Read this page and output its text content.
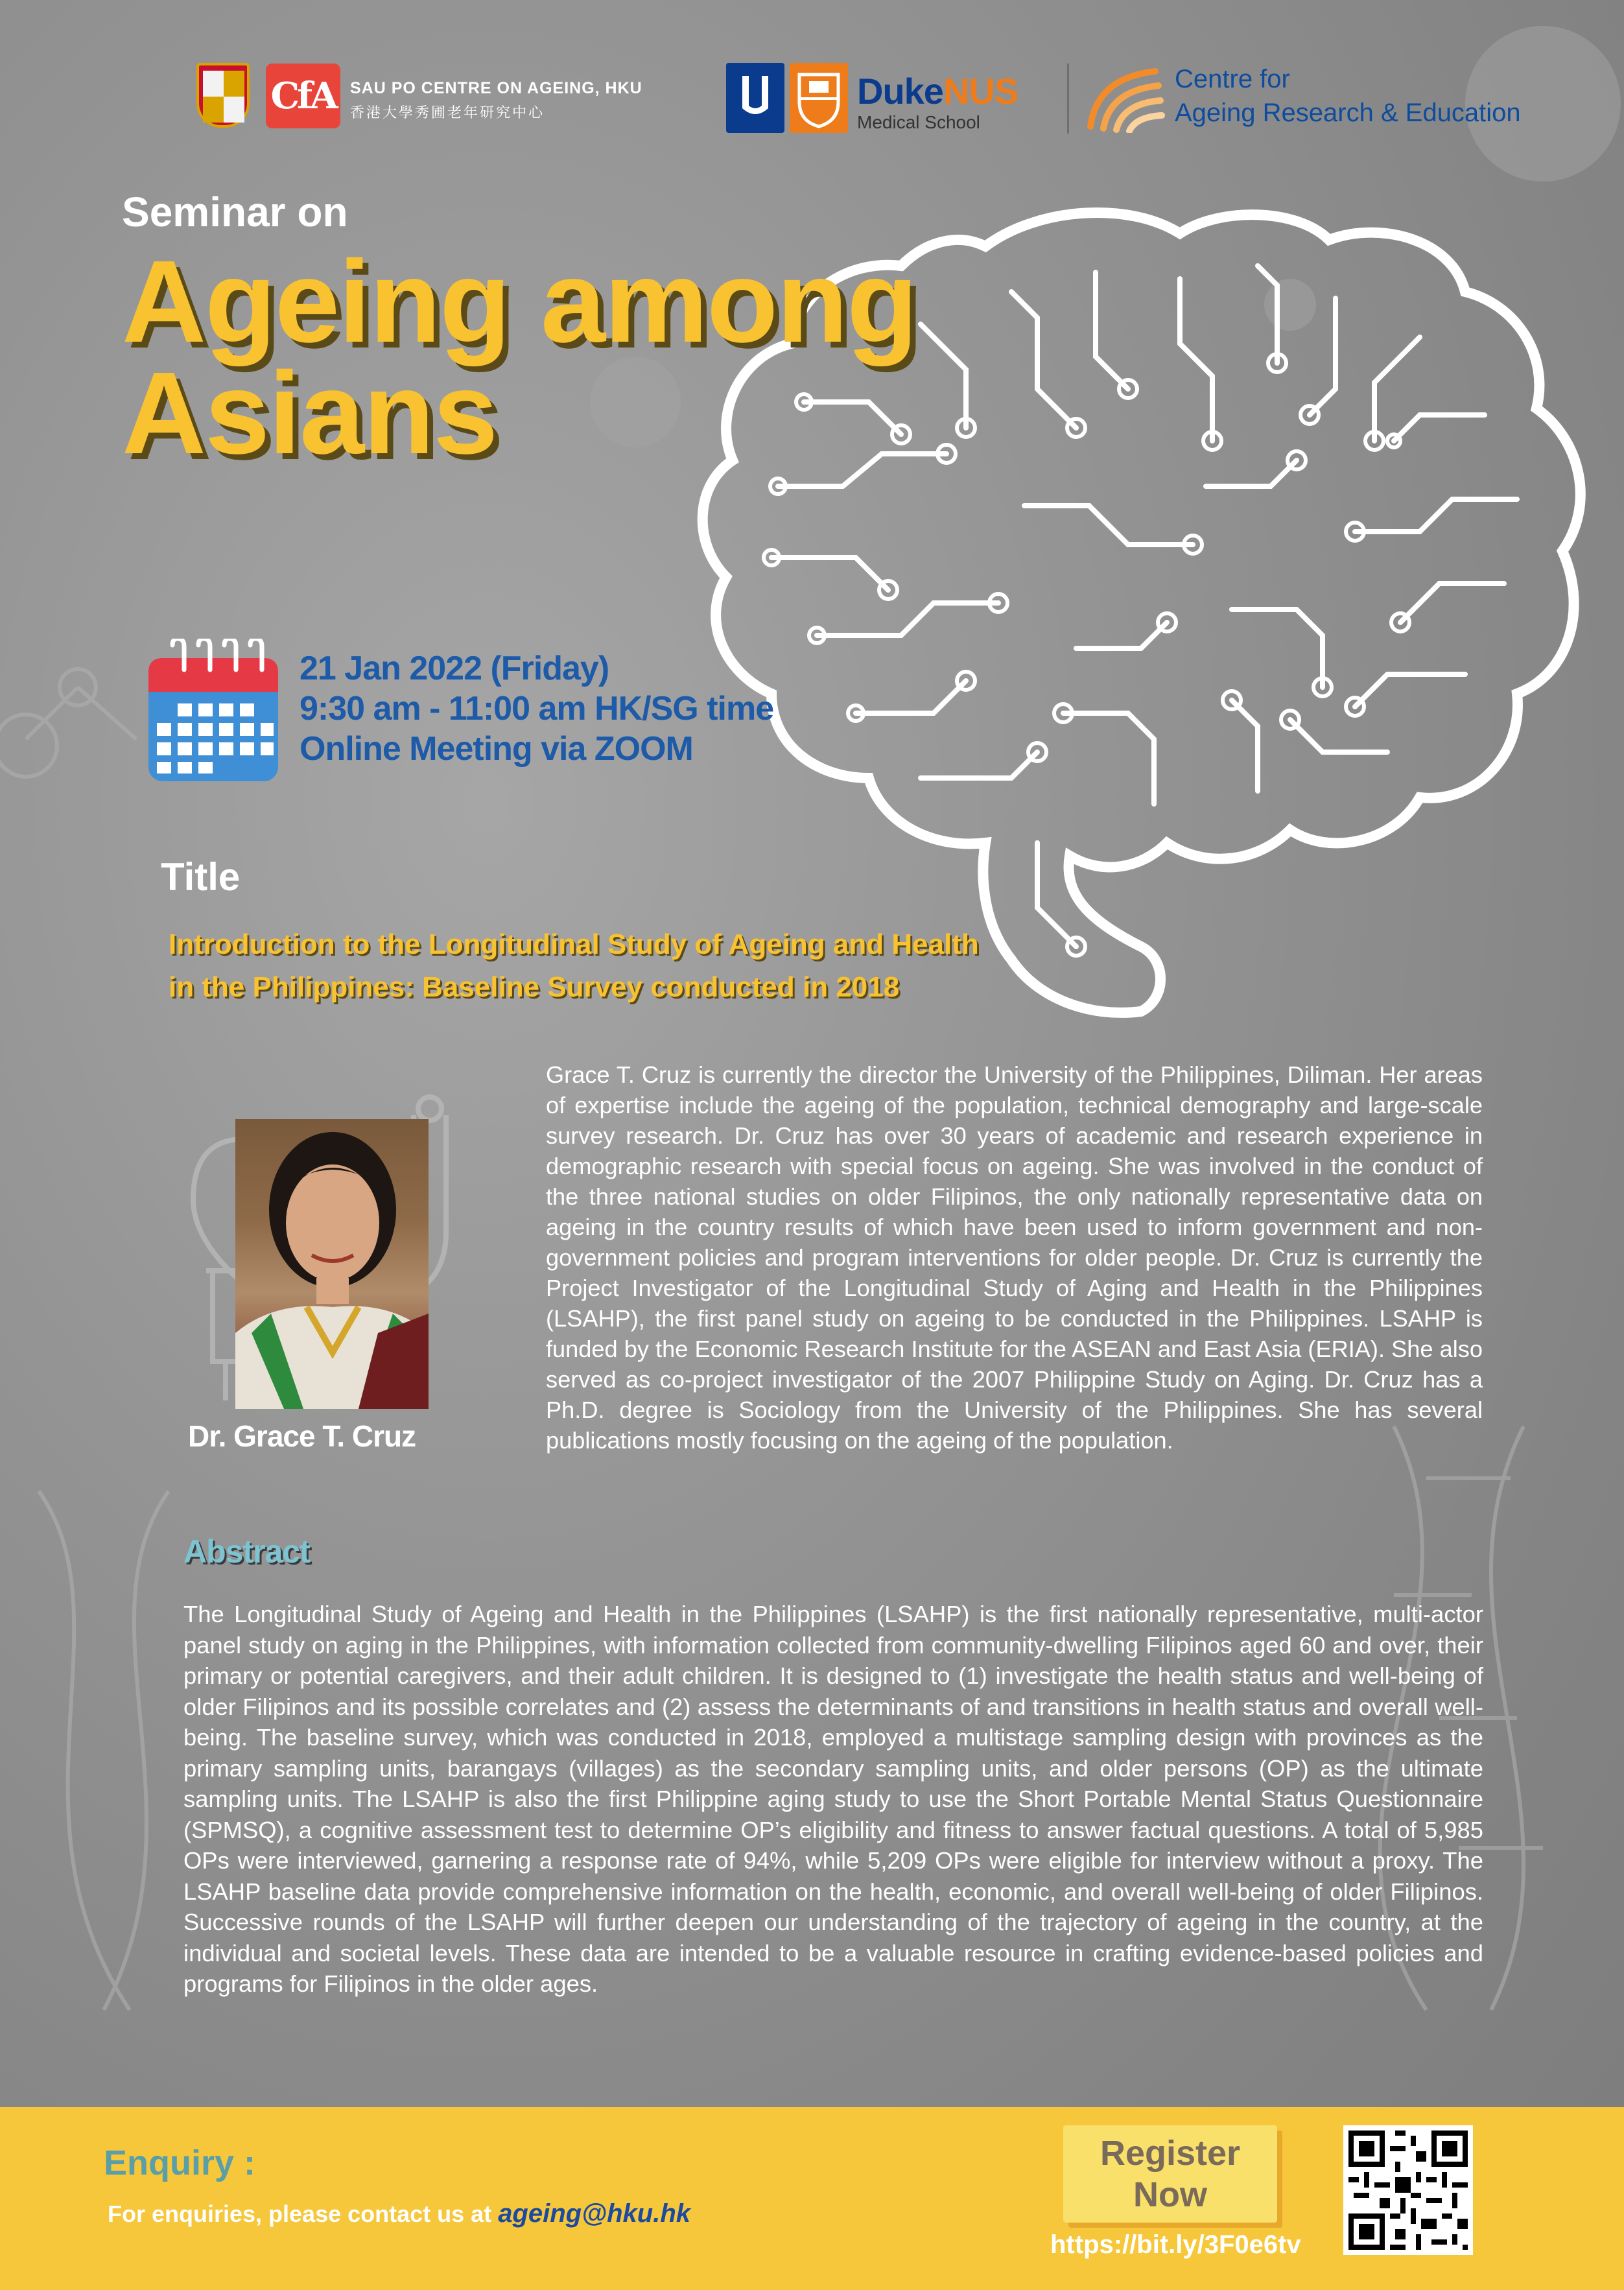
CfA SAU PO CENTRE ON AGEING, HKU
香港大學秀圃老年研究中心
DukeNUS
Medical School
Centre for
Ageing Research & Education
Seminar on
Ageing among
Asians
21 Jan 2022 (Friday)
9:30 am - 11:00 am HK/SG time
Online Meeting via ZOOM
Title
Introduction to the Longitudinal Study of Ageing and Health
in the Philippines: Baseline Survey conducted in 2018
Dr. Grace T. Cruz
Grace T. Cruz is currently the director the University of the Philippines, Diliman. Her areas of expertise include the ageing of the population, technical demography and large-scale survey research. Dr. Cruz has over 30 years of academic and research experience in demographic research with special focus on ageing. She was involved in the conduct of the three national studies on older Filipinos, the only nationally representative data on ageing in the country results of which have been used to inform government and non-government policies and program interventions for older people. Dr. Cruz is currently the Project Investigator of the Longitudinal Study of Aging and Health in the Philippines (LSAHP), the first panel study on ageing to be conducted in the Philippines. LSAHP is funded by the Economic Research Institute for the ASEAN and East Asia (ERIA). She also served as co-project investigator of the 2007 Philippine Study on Aging. Dr. Cruz has a Ph.D. degree is Sociology from the University of the Philippines. She has several publications mostly focusing on the ageing of the population.
Abstract
The Longitudinal Study of Ageing and Health in the Philippines (LSAHP) is the first nationally representative, multi-actor panel study on aging in the Philippines, with information collected from community-dwelling Filipinos aged 60 and over, their primary or potential caregivers, and their adult children. It is designed to (1) investigate the health status and well-being of older Filipinos and its possible correlates and (2) assess the determinants of and transitions in health status and overall well-being. The baseline survey, which was conducted in 2018, employed a multistage sampling design with provinces as the primary sampling units, barangays (villages) as the secondary sampling units, and older persons (OP) as the ultimate sampling units. The LSAHP is also the first Philippine aging study to use the Short Portable Mental Status Questionnaire (SPMSQ), a cognitive assessment test to determine OP’s eligibility and fitness to answer factual questions. A total of 5,985 OPs were interviewed, garnering a response rate of 94%, while 5,209 OPs were eligible for interview without a proxy. The LSAHP baseline data provide comprehensive information on the health, economic, and overall well-being of older Filipinos. Successive rounds of the LSAHP will further deepen our understanding of the trajectory of ageing in the country, at the individual and societal levels. These data are intended to be a valuable resource in crafting evidence-based policies and programs for Filipinos in the older ages.
Enquiry :
For enquiries, please contact us at ageing@hku.hk
Register
Now
https://bit.ly/3F0e6tv
